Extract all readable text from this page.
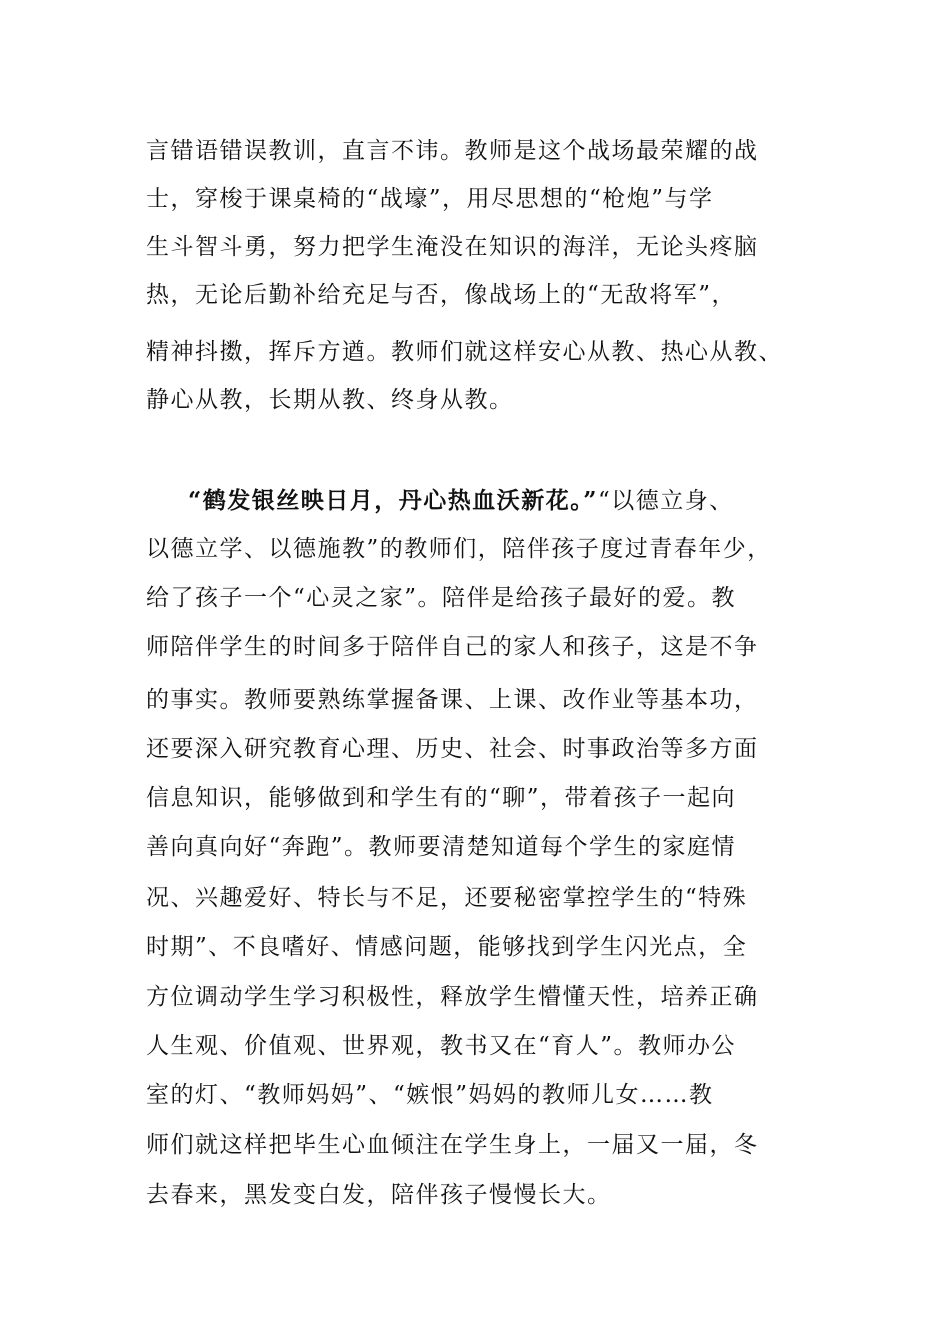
言错语错误教训，直言不讳。教师是这个战场最荣耀的战
士，穿梭于课桌椅的“战壕”，用尽思想的“枪炮”与学
生斗智斗勇，努力把学生淹没在知识的海洋，无论头疼脑
热，无论后勤补给充足与否，像战场上的“无敌将军”，
精神抖擞，挥斥方遒。教师们就这样安心从教、热心从教、
静心从教，长期从教、终身从教。
“鹤发银丝映日月，丹心热血沃新花。”“以德立身、
以德立学、以德施教”的教师们，陪伴孩子度过青春年少，
给了孩子一个“心灵之家”。陪伴是给孩子最好的爱。教
师陪伴学生的时间多于陪伴自己的家人和孩子，这是不争
的事实。教师要熟练掌握备课、上课、改作业等基本功，
还要深入研究教育心理、历史、社会、时事政治等多方面
信息知识，能够做到和学生有的“聊”，带着孩子一起向
善向真向好“奔跑”。教师要清楚知道每个学生的家庭情
况、兴趣爱好、特长与不足，还要秘密掌控学生的“特殊
时期”、不良嗜好、情感问题，能够找到学生闪光点，全
方位调动学生学习积极性，释放学生懵懂天性，培养正确
人生观、价值观、世界观，教书又在“育人”。教师办公
室的灯、“教师妈妈”、“嫉恨”妈妈的教师儿女……教
师们就这样把毕生心血倾注在学生身上，一届又一届，冬
去春来，黑发变白发，陪伴孩子慢慢长大。
